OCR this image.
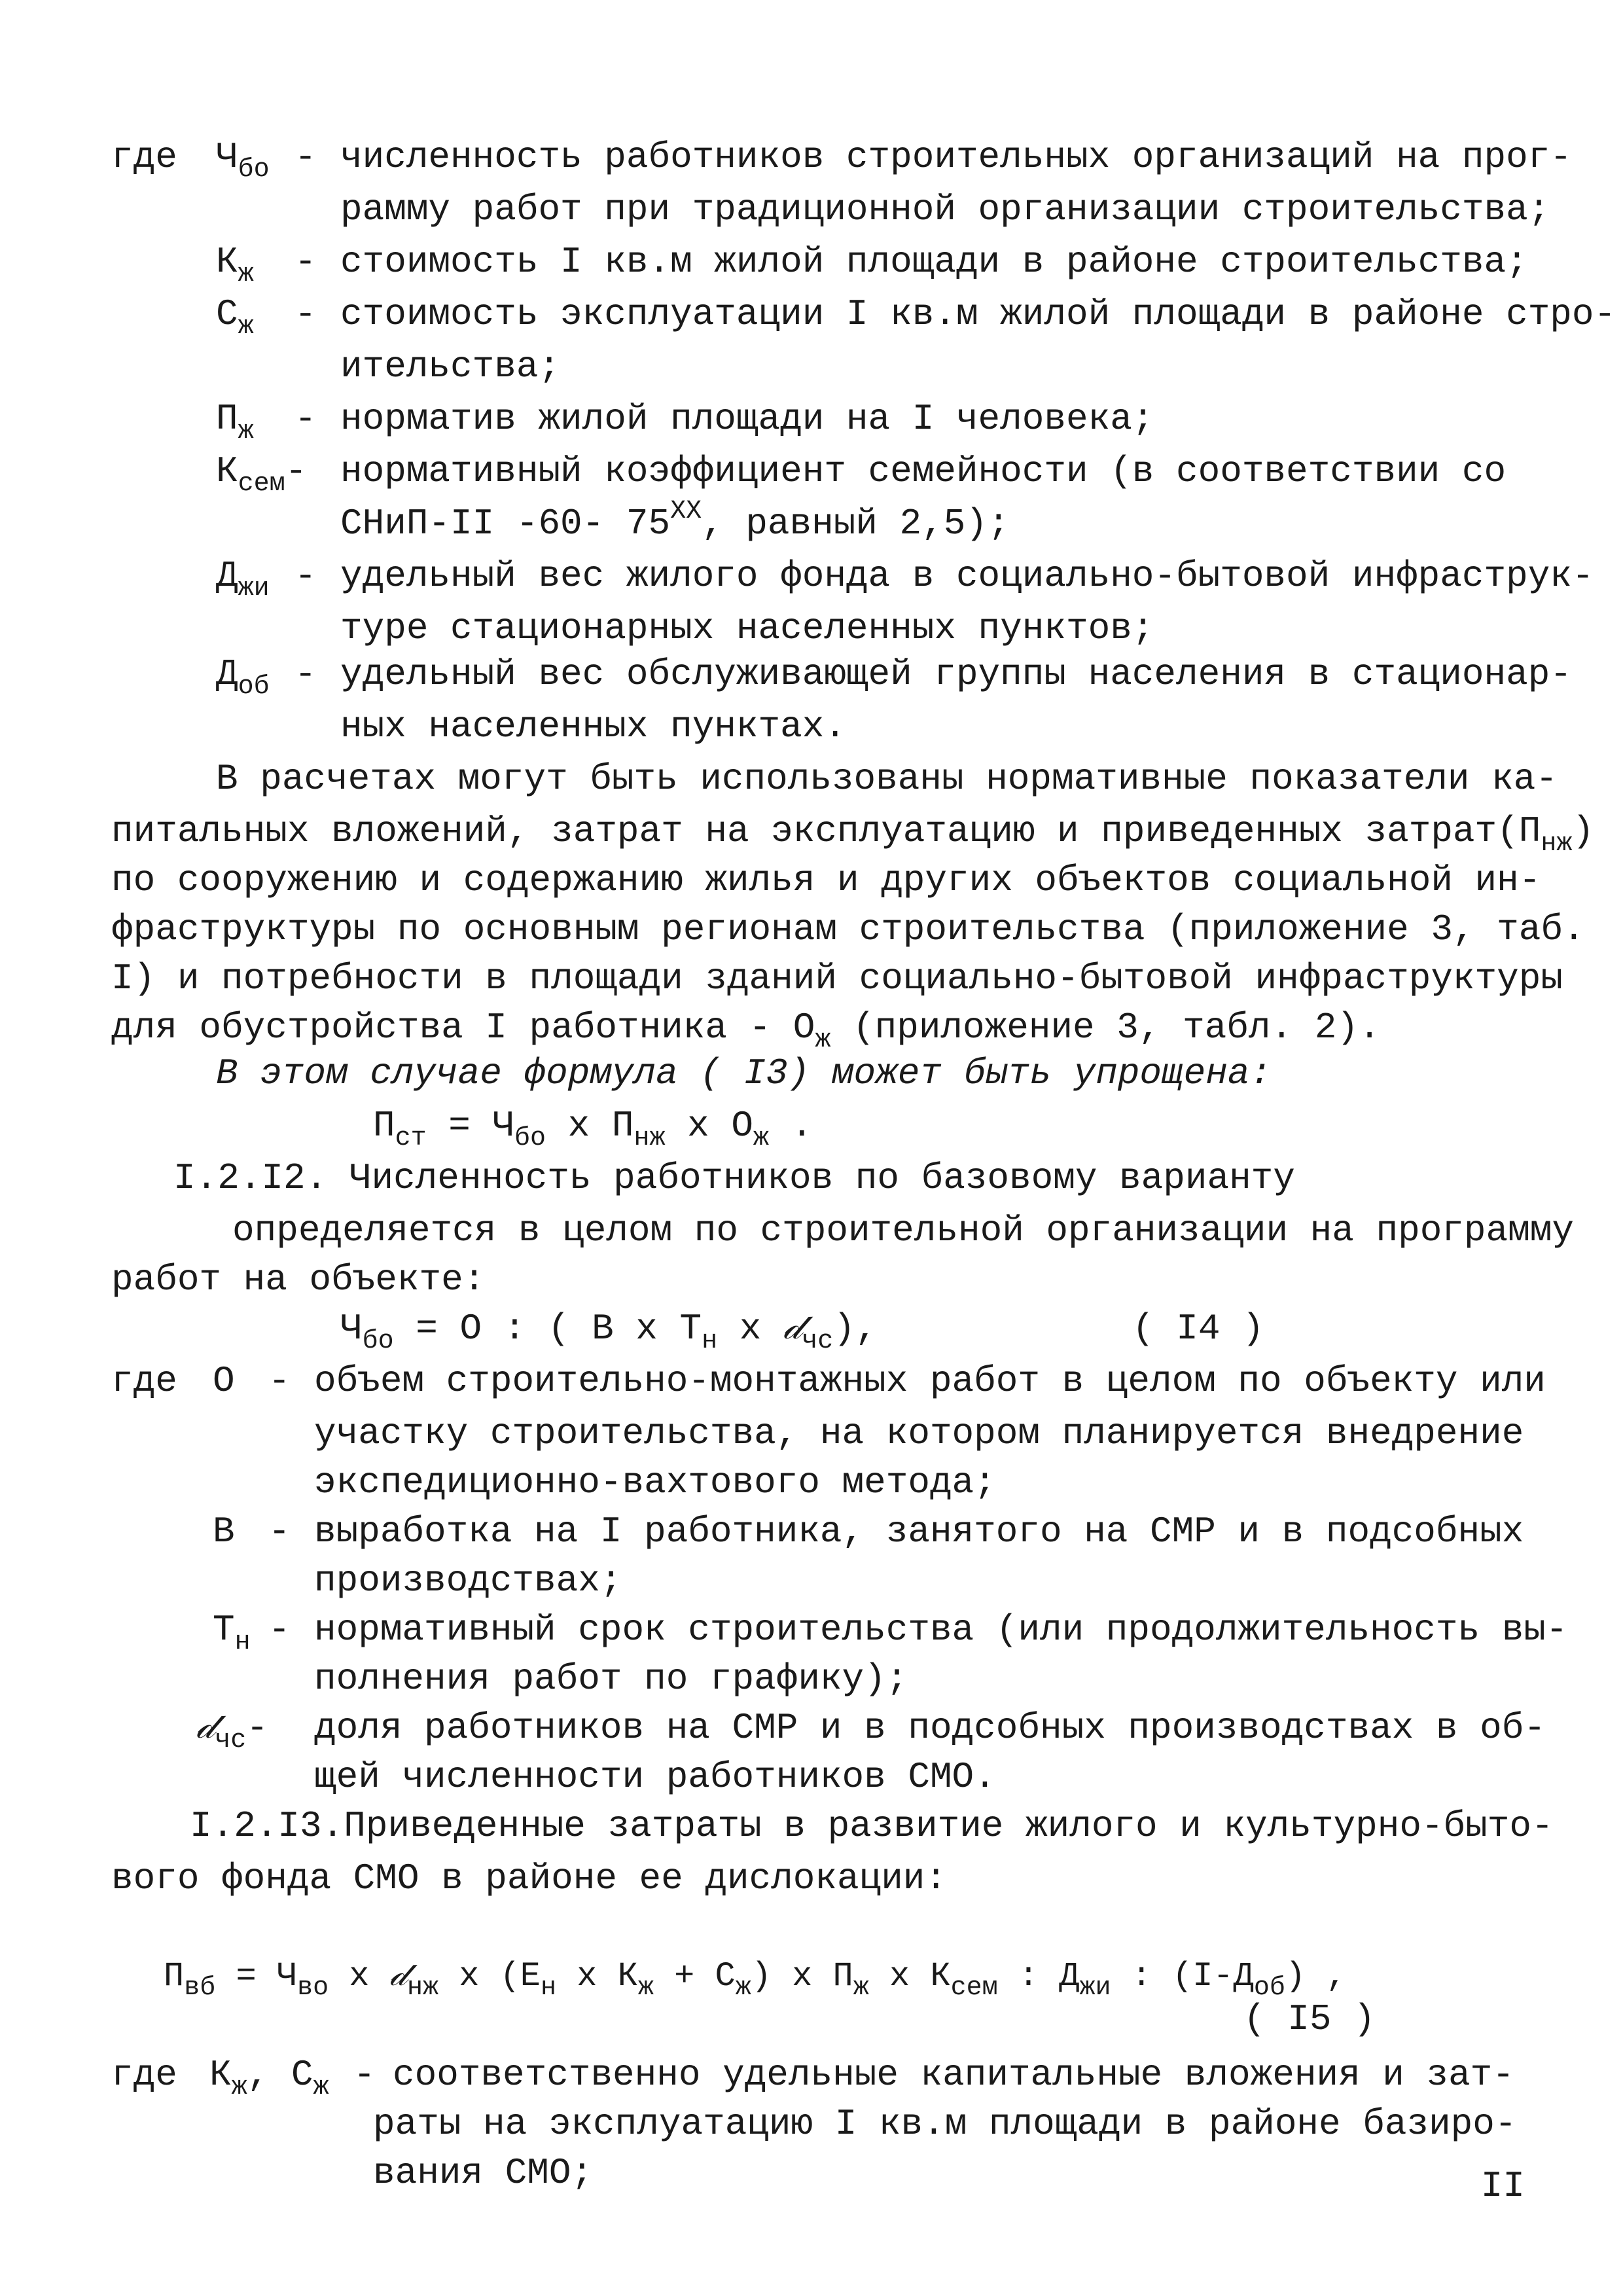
где $Ч_{бо}$ - численность работников строительных организаций на прог-
рамму работ при традиционной организации строительства;
$К_ж$ - стоимость I кв.м жилой площади в районе строительства;
$С_ж$ - стоимость эксплуатации I кв.м жилой площади в районе стро-
ительства;
$П_ж$ - норматив жилой площади на I человека;
$К_{сем}-$ нормативный коэффициент семейности (в соответствии со
СНиП-II -60- $75^{XX}$, равный 2,5);
$Д_{жи}$ - удельный вес жилого фонда в социально-бытовой инфраструк-
туре стационарных населенных пунктов;
$Д_{об}$ - удельный вес обслуживающей группы населения в стационар-
ных населенных пунктах.
В расчетах могут быть использованы нормативные показатели ка-
питальных вложений, затрат на эксплуатацию и приведенных $затрат(П_{нж})$
по сооружению и содержанию жилья и других объектов социальной ин-
фраструктуры по основным регионам строительства (приложение 3, таб.
I) и потребности в площади зданий социально-бытовой инфраструктуры
для обустройства I работника - $О_ж$ (приложение 3, табл. 2).
В этом случае формула ( I3) может быть упрощена:
$П_{ст} = Ч_{бо}$ х $П_{нж}$ х $О_ж$ .
I.2.I2. Численность работников по базовому варианту
определяется в целом по строительной организации на программу
работ на объекте:
$Ч_{бо} = О$ : ( В х $Т_н$ х 𝒹$_{чс}$),	( I4 )
где О - объем строительно-монтажных работ в целом по объекту или
участку строительства, на котором планируется внедрение
экспедиционно-вахтового метода;
В - выработка на I работника, занятого на СМР и в подсобных
производствах;
$Т_н$ - нормативный срок строительства (или продолжительность вы-
полнения работ по графику);
𝒹$_{чс}$- доля работников на СМР и в подсобных производствах в об-
щей численности работников СМО.
I.2.I3.Приведенные затраты в развитие жилого и культурно-быто-
вого фонда СМО в районе ее дислокации:
$П_{вб} = Ч_{во}$ х 𝒹$_{нж}$ х ($Е_н$ х $К_ж + С_ж$) х $П_ж$ х $К_{сем}$ : $Д_{жи}$ : $(I-Д_{об})$ ,
( I5 )
где $К_ж$, $С_ж$ - соответственно удельные капитальные вложения и зат-
раты на эксплуатацию I кв.м площади в районе базиро-
вания СМО;	II
